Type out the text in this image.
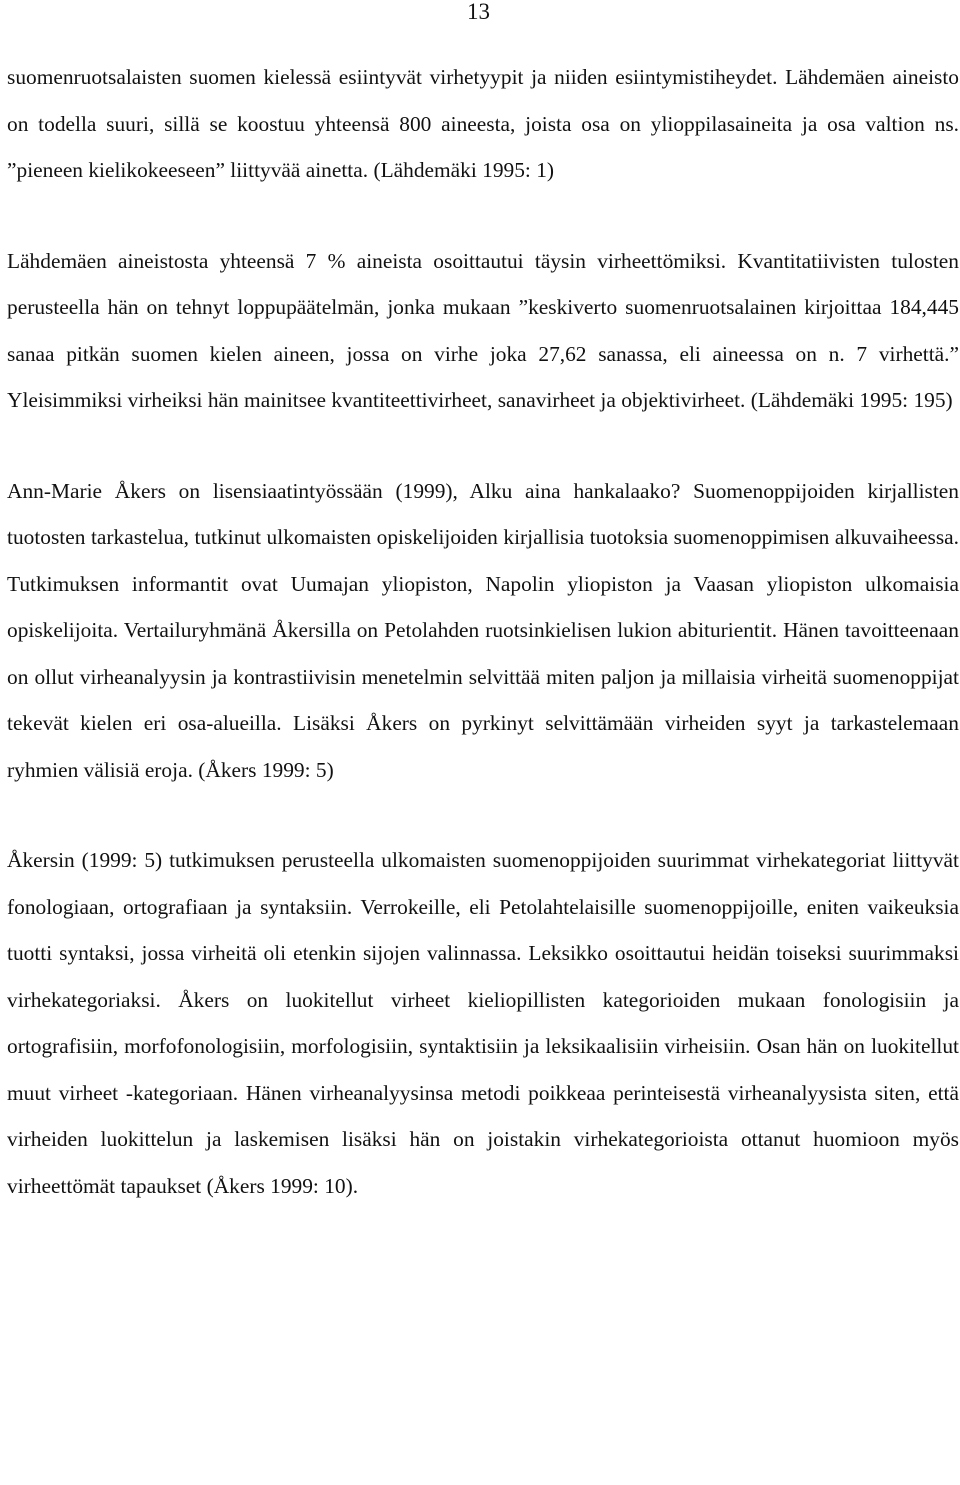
13

suomenruotsalaisten suomen kielessä esiintyvät virhetyypit ja niiden esiintymistiheydet. Lähdemäen aineisto on todella suuri, sillä se koostuu yhteensä 800 aineesta, joista osa on ylioppilasaineita ja osa valtion ns. ”pieneen kielikokeeseen” liittyvää ainetta. (Lähdemäki 1995: 1)

Lähdemäen aineistosta yhteensä 7 % aineista osoittautui täysin virheettömiksi. Kvantitatiivisten tulosten perusteella hän on tehnyt loppupäätelmän, jonka mukaan ”keskiverto suomenruotsalainen kirjoittaa 184,445 sanaa pitkän suomen kielen aineen, jossa on virhe joka 27,62 sanassa, eli aineessa on n. 7 virhettä.” Yleisimmiksi virheiksi hän mainitsee kvantiteettivirheet, sanavirheet ja objektivirheet. (Lähdemäki 1995: 195)

Ann-Marie Åkers on lisensiaatintyössään (1999), Alku aina hankalaako? Suomenoppijoiden kirjallisten tuotosten tarkastelua, tutkinut ulkomaisten opiskelijoiden kirjallisia tuotoksia suomenoppimisen alkuvaiheessa. Tutkimuksen informantit ovat Uumajan yliopiston, Napolin yliopiston ja Vaasan yliopiston ulkomaisia opiskelijoita. Vertailuryhmänä Åkersilla on Petolahden ruotsinkielisen lukion abiturientit. Hänen tavoitteenaan on ollut virheanalyysin ja kontrastiivisin menetelmin selvittää miten paljon ja millaisia virheitä suomenoppijat tekevät kielen eri osa-alueilla. Lisäksi Åkers on pyrkinyt selvittämään virheiden syyt ja tarkastelemaan ryhmien välisiä eroja. (Åkers 1999: 5)

Åkersin (1999: 5) tutkimuksen perusteella ulkomaisten suomenoppijoiden suurimmat virhekategoriat liittyvät fonologiaan, ortografiaan ja syntaksiin. Verrokeille, eli Petolahtelaisille suomenoppijoille, eniten vaikeuksia tuotti syntaksi, jossa virheitä oli etenkin sijojen valinnassa. Leksikko osoittautui heidän toiseksi suurimmaksi virhekategoriaksi. Åkers on luokitellut virheet kieliopillisten kategorioiden mukaan fonologisiin ja ortografisiin, morfofonologisiin, morfologisiin, syntaktisiin ja leksikaalisiin virheisiin. Osan hän on luokitellut muut virheet -kategoriaan. Hänen virheanalyysinsa metodi poikkeaa perinteisestä virheanalyysista siten, että virheiden luokittelun ja laskemisen lisäksi hän on joistakin virhekategorioista ottanut huomioon myös virheettömät tapaukset (Åkers 1999: 10).
